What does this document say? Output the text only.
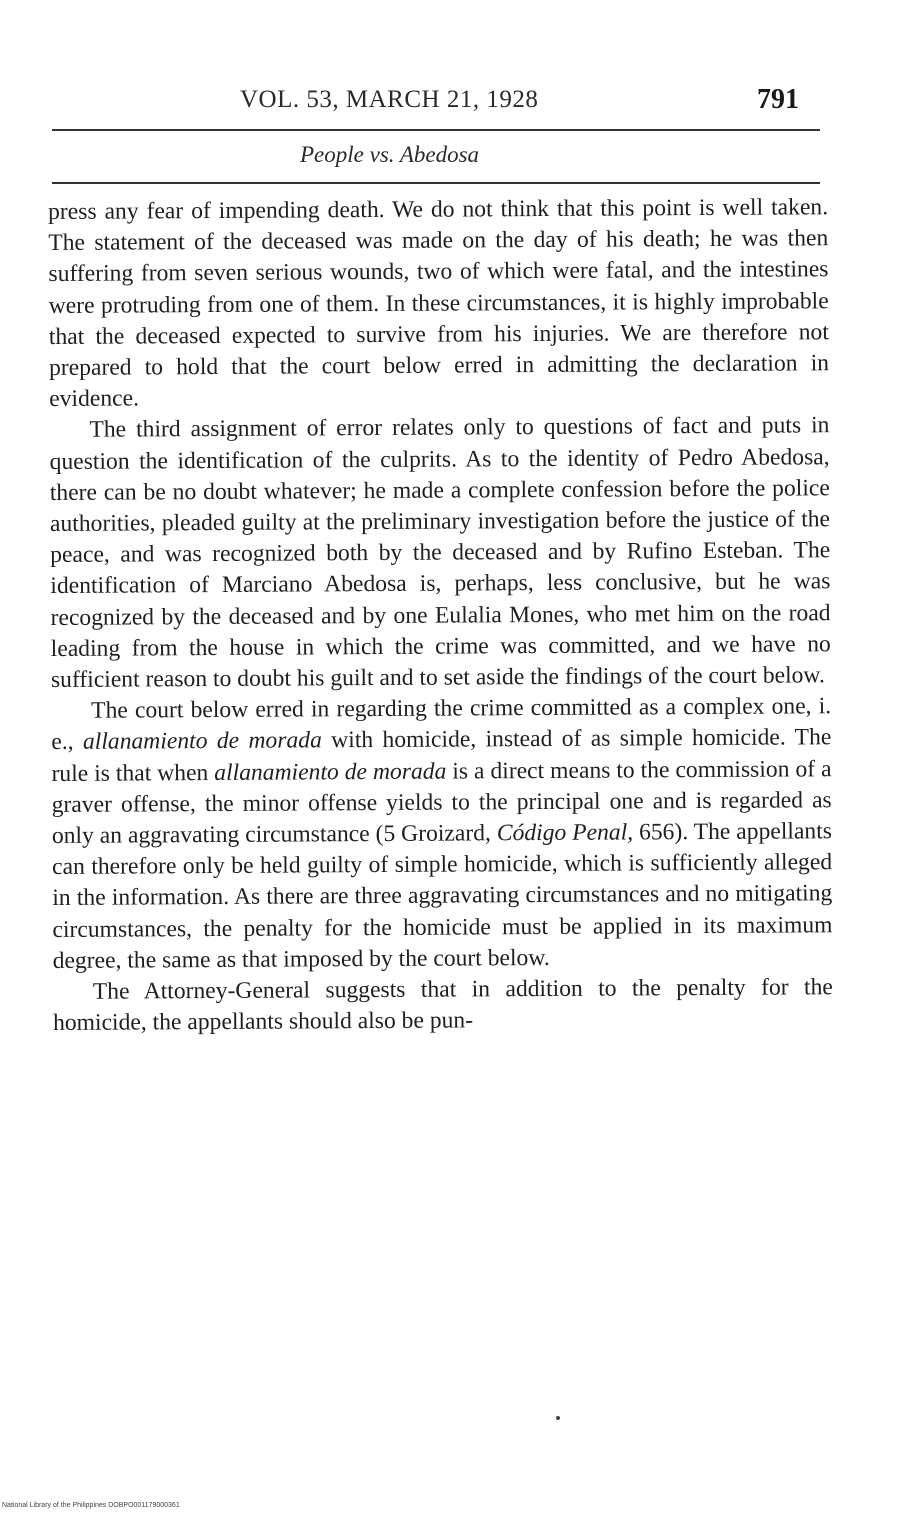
VOL. 53, MARCH 21, 1928	791
People vs. Abedosa

press any fear of impending death. We do not think that this point is well taken. The statement of the deceased was made on the day of his death; he was then suffering from seven serious wounds, two of which were fatal, and the intestines were protruding from one of them. In these circumstances, it is highly improbable that the deceased expected to survive from his injuries. We are therefore not prepared to hold that the court below erred in admitting the declaration in evidence.

The third assignment of error relates only to questions of fact and puts in question the identification of the culprits. As to the identity of Pedro Abedosa, there can be no doubt whatever; he made a complete confession before the police authorities, pleaded guilty at the preliminary investigation before the justice of the peace, and was recognized both by the deceased and by Rufino Esteban. The identification of Marciano Abedosa is, perhaps, less conclusive, but he was recognized by the deceased and by one Eulalia Mones, who met him on the road leading from the house in which the crime was committed, and we have no sufficient reason to doubt his guilt and to set aside the findings of the court below.

The court below erred in regarding the crime committed as a complex one, i. e., allanamiento de morada with homicide, instead of as simple homicide. The rule is that when allanamiento de morada is a direct means to the commission of a graver offense, the minor offense yields to the principal one and is regarded as only an aggravating circumstance (5 Groizard, Código Penal, 656). The appellants can therefore only be held guilty of simple homicide, which is sufficiently alleged in the information. As there are three aggravating circumstances and no mitigating circumstances, the penalty for the homicide must be applied in its maximum degree, the same as that imposed by the court below.

The Attorney-General suggests that in addition to the penalty for the homicide, the appellants should also be pun-

National Library of the Philippines DOBPO001179000361
